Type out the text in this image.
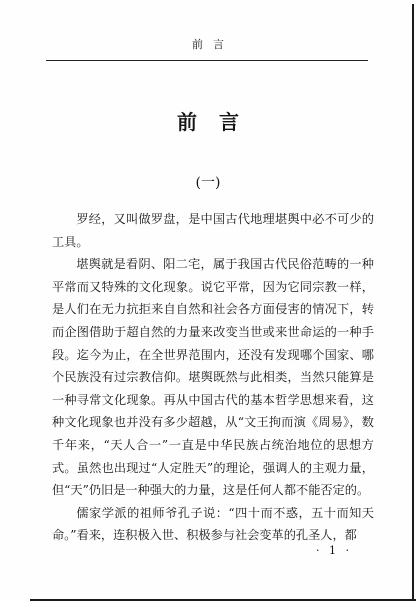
前言
前言
(一)

罗经，又叫做罗盘，是中国古代地理堪舆中必不可少的工具。

堪舆就是看阴、阳二宅，属于我国古代民俗范畴的一种平常而又特殊的文化现象。说它平常，因为它同宗教一样，是人们在无力抗拒来自自然和社会各方面侵害的情况下，转而企图借助于超自然的力量来改变当世或来世命运的一种手段。迄今为止，在全世界范围内，还没有发现哪个国家、哪个民族没有过宗教信仰。堪舆既然与此相类，当然只能算是一种寻常文化现象。再从中国古代的基本哲学思想来看，这种文化现象也并没有多少超越，从“文王拘而演《周易》，数千年来，“天人合一”一直是中华民族占统治地位的思想方式。虽然也出现过“人定胜天”的理论，强调人的主观力量，但“天”仍旧是一种强大的力量，这是任何人都不能否定的。

儒家学派的祖师爷孔子说：“四十而不惑，五十而知天命。”看来，连积极入世、积极参与社会变革的孔圣人，都

· 1 ·
